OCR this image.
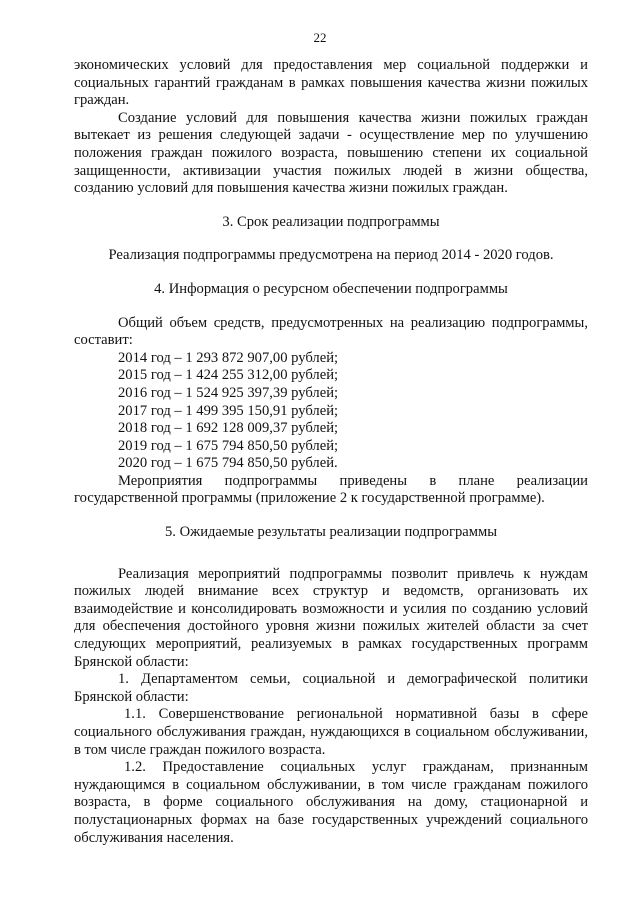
22

экономических условий для предоставления мер социальной поддержки и социальных гарантий гражданам в рамках повышения качества жизни пожилых граждан.

Создание условий для повышения качества жизни пожилых граждан вытекает из решения следующей задачи - осуществление мер по улучшению положения граждан пожилого возраста, повышению степени их социальной защищенности, активизации участия пожилых людей в жизни общества, созданию условий для повышения качества жизни пожилых граждан.

3. Срок реализации подпрограммы

Реализация подпрограммы предусмотрена на период 2014 - 2020 годов.

4. Информация о ресурсном обеспечении подпрограммы

Общий объем средств, предусмотренных на реализацию подпрограммы, составит:

2014 год – 1 293 872 907,00 рублей;
2015 год – 1 424 255 312,00 рублей;
2016 год – 1 524 925 397,39 рублей;
2017 год – 1 499 395 150,91 рублей;
2018 год – 1 692 128 009,37 рублей;
2019 год – 1 675 794 850,50 рублей;
2020 год – 1 675 794 850,50 рублей.

Мероприятия подпрограммы приведены в плане реализации

государственной программы (приложение 2 к государственной программе).

5. Ожидаемые результаты реализации подпрограммы

Реализация мероприятий подпрограммы позволит привлечь к нуждам пожилых людей внимание всех структур и ведомств, организовать их взаимодействие и консолидировать возможности и усилия по созданию условий для обеспечения достойного уровня жизни пожилых жителей области за счет следующих мероприятий, реализуемых в рамках государственных программ Брянской области:

1. Департаментом семьи, социальной и демографической политики Брянской области:

1.1. Совершенствование региональной нормативной базы в сфере социального обслуживания граждан, нуждающихся в социальном обслуживании, в том числе граждан пожилого возраста.

1.2. Предоставление социальных услуг гражданам, признанным нуждающимся в социальном обслуживании, в том числе гражданам пожилого возраста, в форме социального обслуживания на дому, стационарной и полустационарных формах на базе государственных учреждений социального обслуживания населения.
